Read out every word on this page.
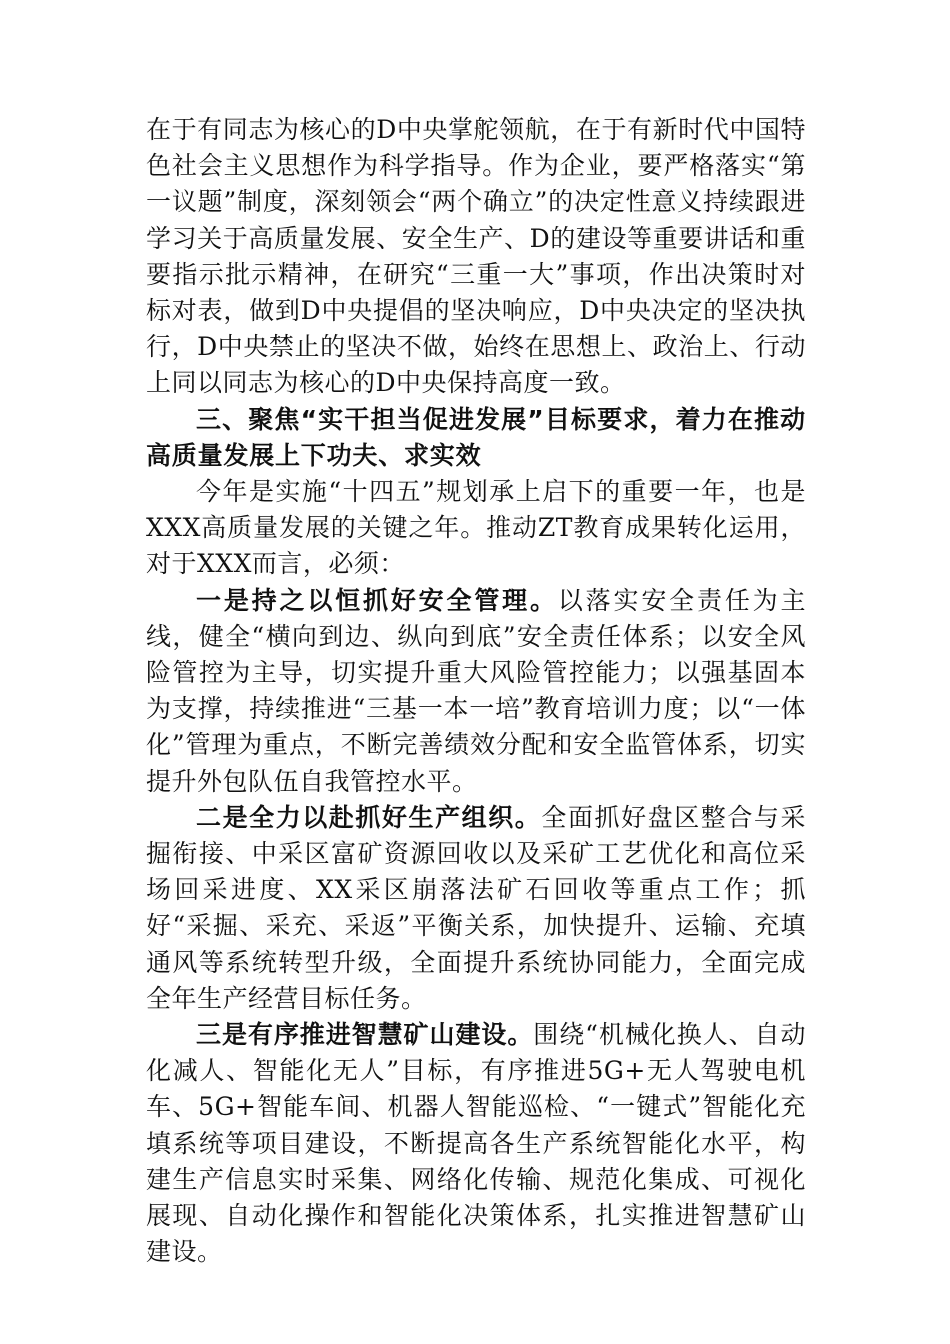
在于有同志为核心的D中央掌舵领航，在于有新时代中国特色社会主义思想作为科学指导。作为企业，要严格落实“第一议题”制度，深刻领会“两个确立”的决定性意义持续跟进学习关于高质量发展、安全生产、D的建设等重要讲话和重要指示批示精神，在研究“三重一大”事项，作出决策时对标对表，做到D中央提倡的坚决响应，D中央决定的坚决执行，D中央禁止的坚决不做，始终在思想上、政治上、行动上同以同志为核心的D中央保持高度一致。

三、聚焦“实干担当促进发展”目标要求，着力在推动高质量发展上下功夫、求实效

今年是实施“十四五”规划承上启下的重要一年，也是XXX高质量发展的关键之年。推动ZT教育成果转化运用，对于XXX而言，必须：

一是持之以恒抓好安全管理。以落实安全责任为主线，健全“横向到边、纵向到底”安全责任体系；以安全风险管控为主导，切实提升重大风险管控能力；以强基固本为支撑，持续推进“三基一本一培”教育培训力度；以“一体化”管理为重点，不断完善绩效分配和安全监管体系，切实提升外包队伍自我管控水平。

二是全力以赴抓好生产组织。全面抓好盘区整合与采掘衔接、中采区富矿资源回收以及采矿工艺优化和高位采场回采进度、XX采区崩落法矿石回收等重点工作；抓好“采掘、采充、采返”平衡关系，加快提升、运输、充填通风等系统转型升级，全面提升系统协同能力，全面完成全年生产经营目标任务。

三是有序推进智慧矿山建设。围绕“机械化换人、自动化减人、智能化无人”目标，有序推进5G+无人驾驶电机车、5G+智能车间、机器人智能巡检、“一键式”智能化充填系统等项目建设，不断提高各生产系统智能化水平，构建生产信息实时采集、网络化传输、规范化集成、可视化展现、自动化操作和智能化决策体系，扎实推进智慧矿山建设。
